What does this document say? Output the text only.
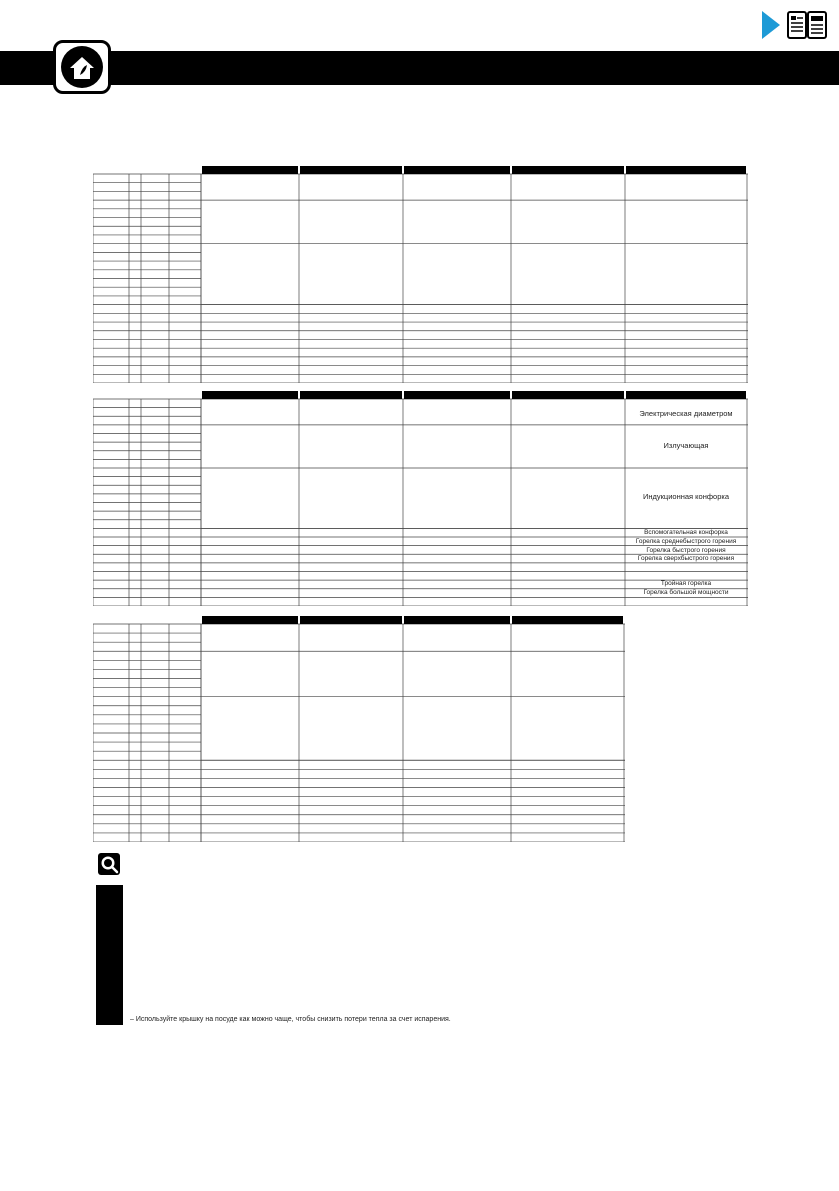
Электрическая диаметром
Излучающая
Индукционная конфорка
Вспомогательная конфорка
Горелка среднебыстрого горения
Горелка быстрого горения
Горелка сверхбыстрого горения
Тройная горелка
Горелка большой мощности
– Используйте крышку на посуде как можно чаще, чтобы снизить потери тепла за счет испарения.
